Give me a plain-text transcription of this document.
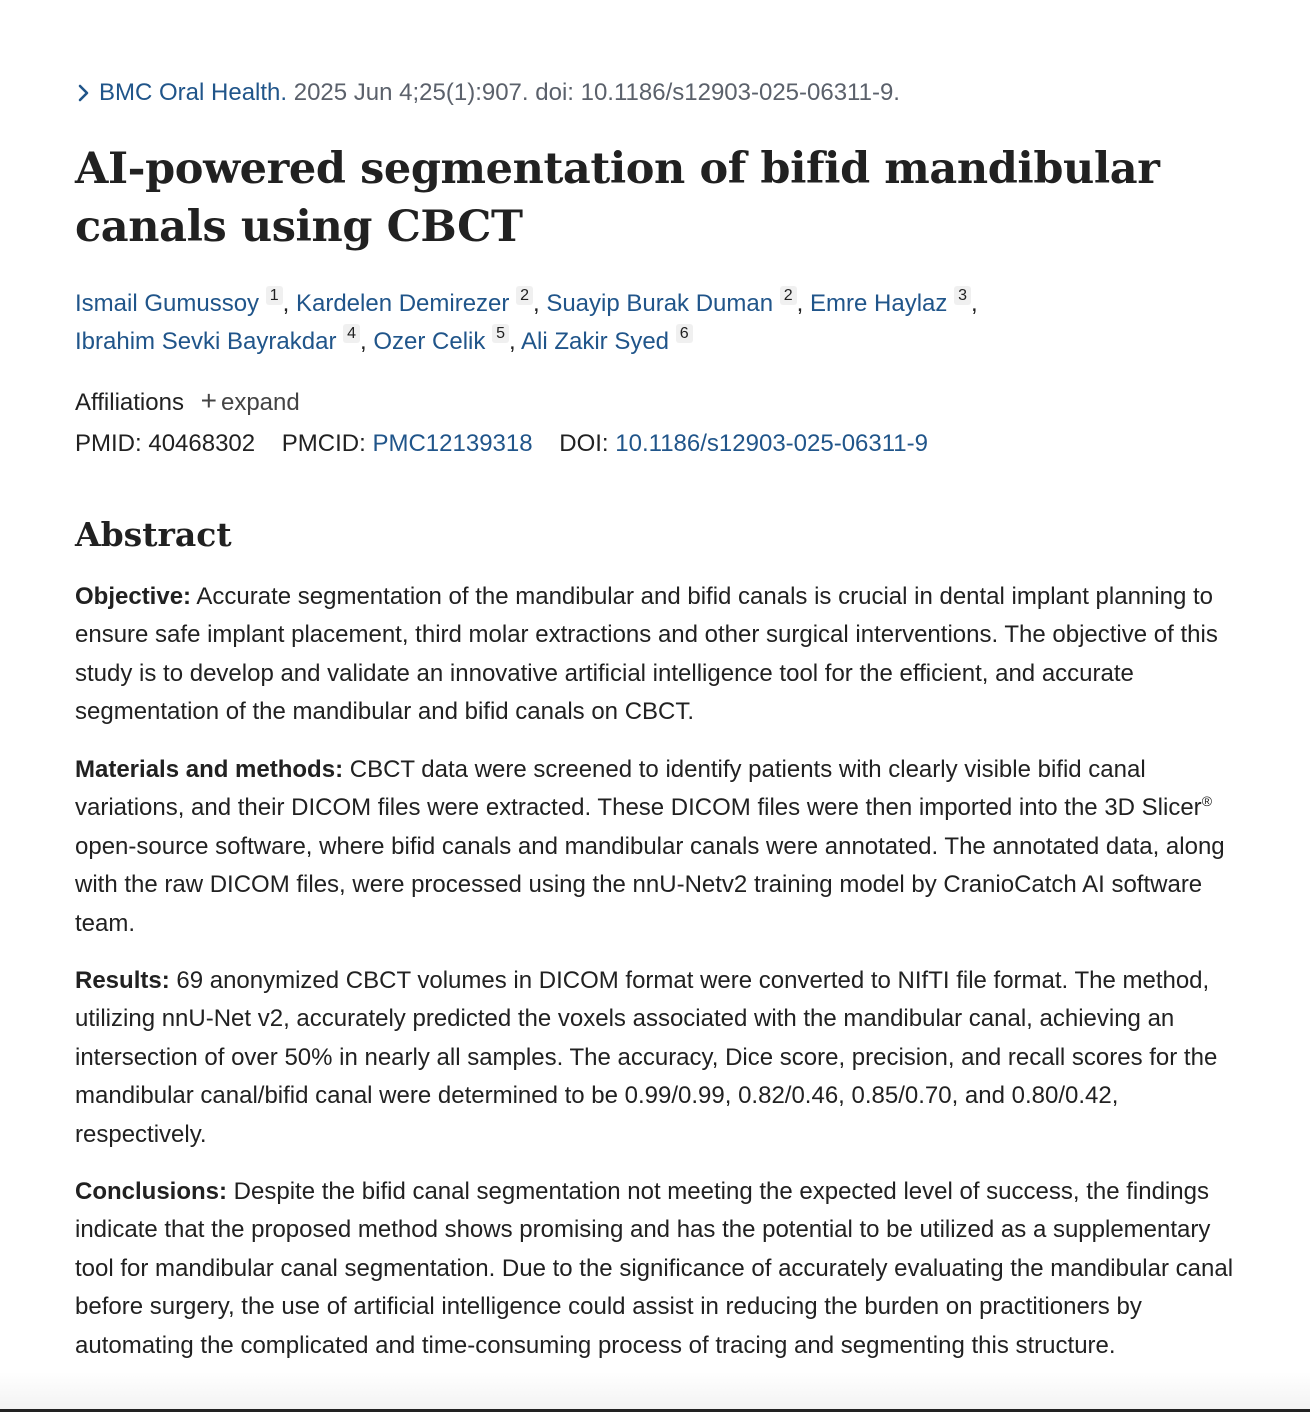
BMC Oral Health. 2025 Jun 4;25(1):907. doi: 10.1186/s12903-025-06311-9.
AI-powered segmentation of bifid mandibular canals using CBCT
Ismail Gumussoy $^1$ , Kardelen Demirezer $^2$ , Suayip Burak Duman $^2$ , Emre Haylaz $^3$ ,
Ibrahim Sevki Bayrakdar $^4$ , Ozer Celik $^5$ , Ali Zakir Syed $^6$
Affiliations + expand
PMID: 40468302 PMCID: PMC12139318 DOI: 10.1186/s12903-025-06311-9
Abstract

Objective: Accurate segmentation of the mandibular and bifid canals is crucial in dental implant planning to ensure safe implant placement, third molar extractions and other surgical interventions. The objective of this study is to develop and validate an innovative artificial intelligence tool for the efficient, and accurate segmentation of the mandibular and bifid canals on CBCT.

Materials and methods: CBCT data were screened to identify patients with clearly visible bifid canal variations, and their DICOM files were extracted. These DICOM files were then imported into the 3D Slicer® open-source software, where bifid canals and mandibular canals were annotated. The annotated data, along with the raw DICOM files, were processed using the nnU-Netv2 training model by CranioCatch AI software team.

Results: 69 anonymized CBCT volumes in DICOM format were converted to NIfTI file format. The method, utilizing nnU-Net v2, accurately predicted the voxels associated with the mandibular canal, achieving an intersection of over 50% in nearly all samples. The accuracy, Dice score, precision, and recall scores for the mandibular canal/bifid canal were determined to be 0.99/0.99, 0.82/0.46, 0.85/0.70, and 0.80/0.42, respectively.

Conclusions: Despite the bifid canal segmentation not meeting the expected level of success, the findings indicate that the proposed method shows promising and has the potential to be utilized as a supplementary tool for mandibular canal segmentation. Due to the significance of accurately evaluating the mandibular canal before surgery, the use of artificial intelligence could assist in reducing the burden on practitioners by automating the complicated and time-consuming process of tracing and segmenting this structure.
